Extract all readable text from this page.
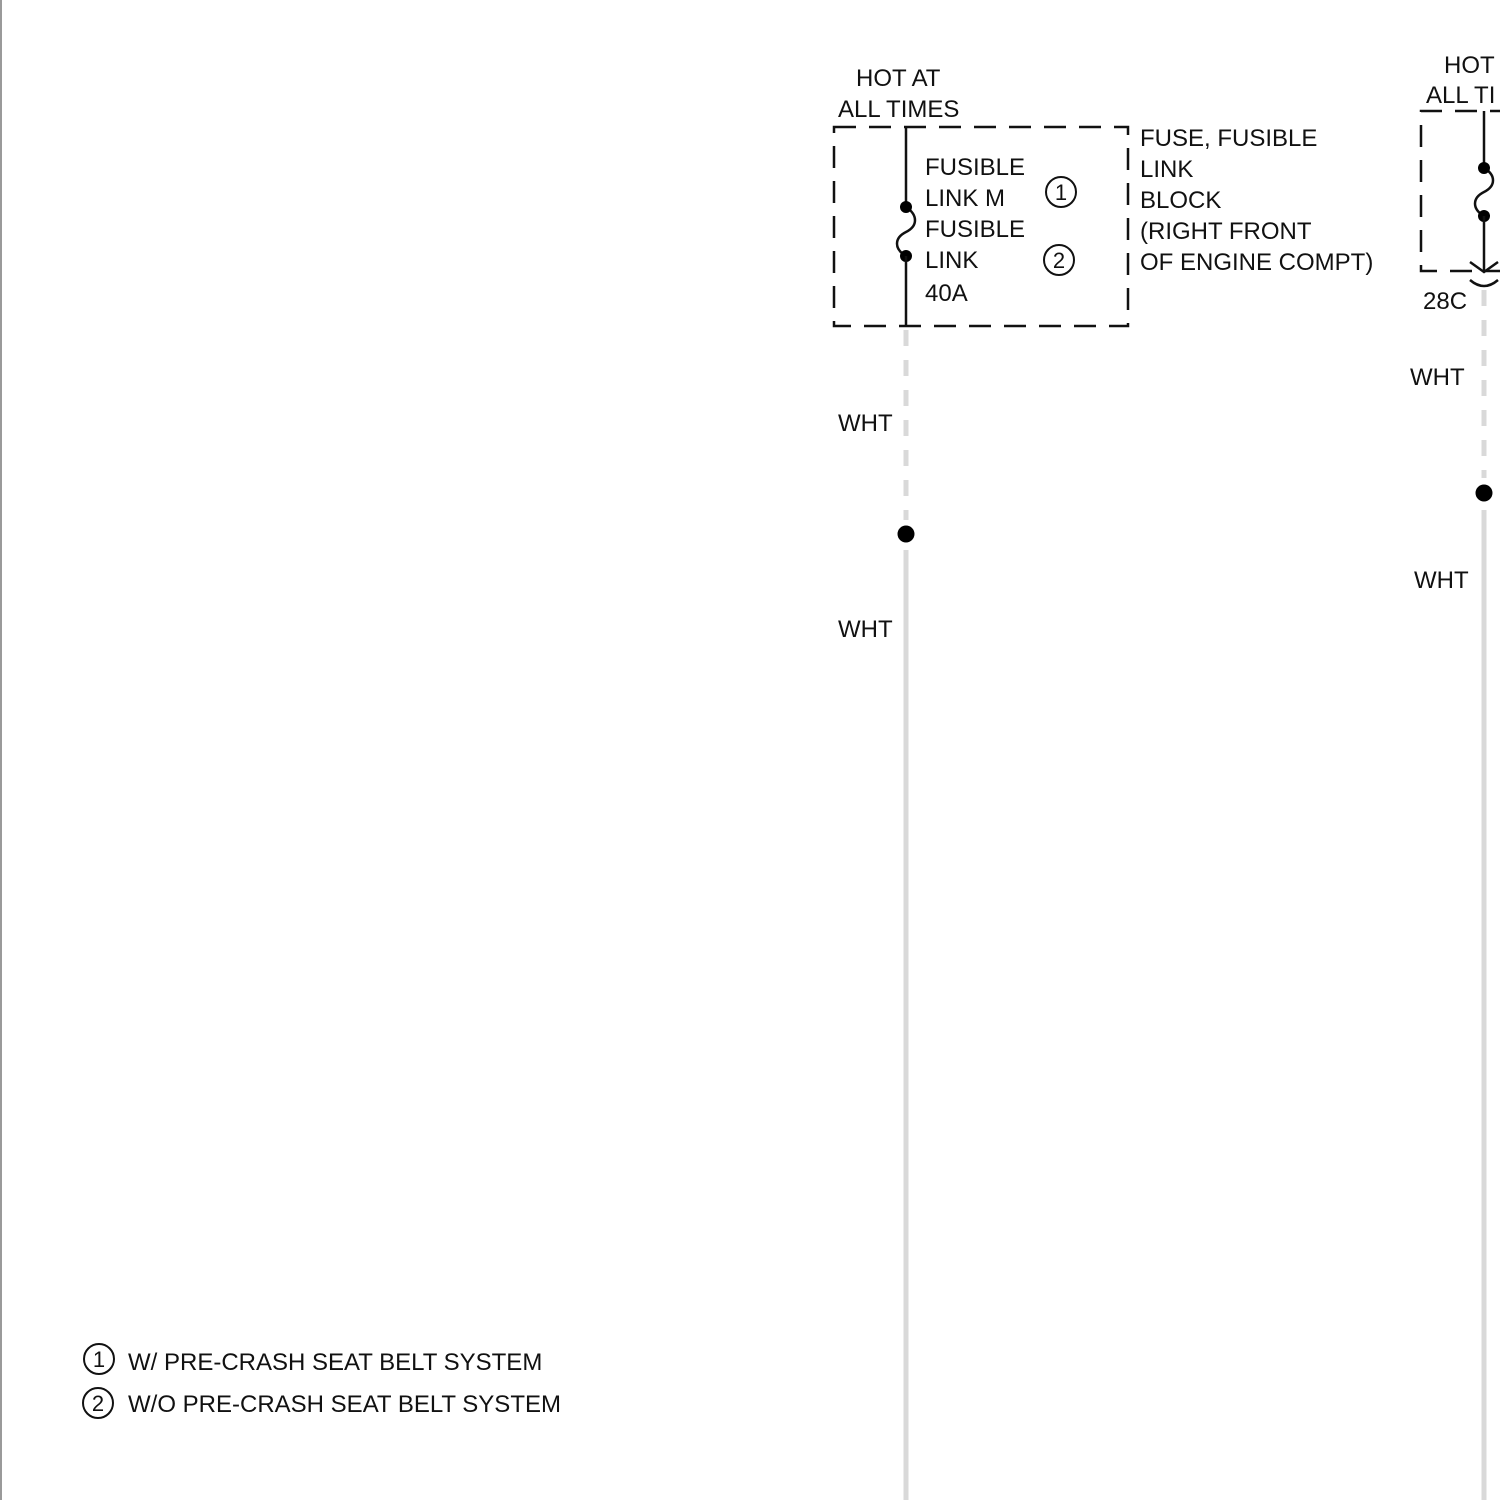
HOT AT
ALL TIMES
FUSIBLE
LINK M
FUSIBLE
LINK
40A
1
2
FUSE, FUSIBLE
LINK
BLOCK
(RIGHT FRONT
OF ENGINE COMPT)
WHT
WHT
HOT
ALL TI
28C
WHT
WHT
1 W/ PRE-CRASH SEAT BELT SYSTEM
2 W/O PRE-CRASH SEAT BELT SYSTEM
